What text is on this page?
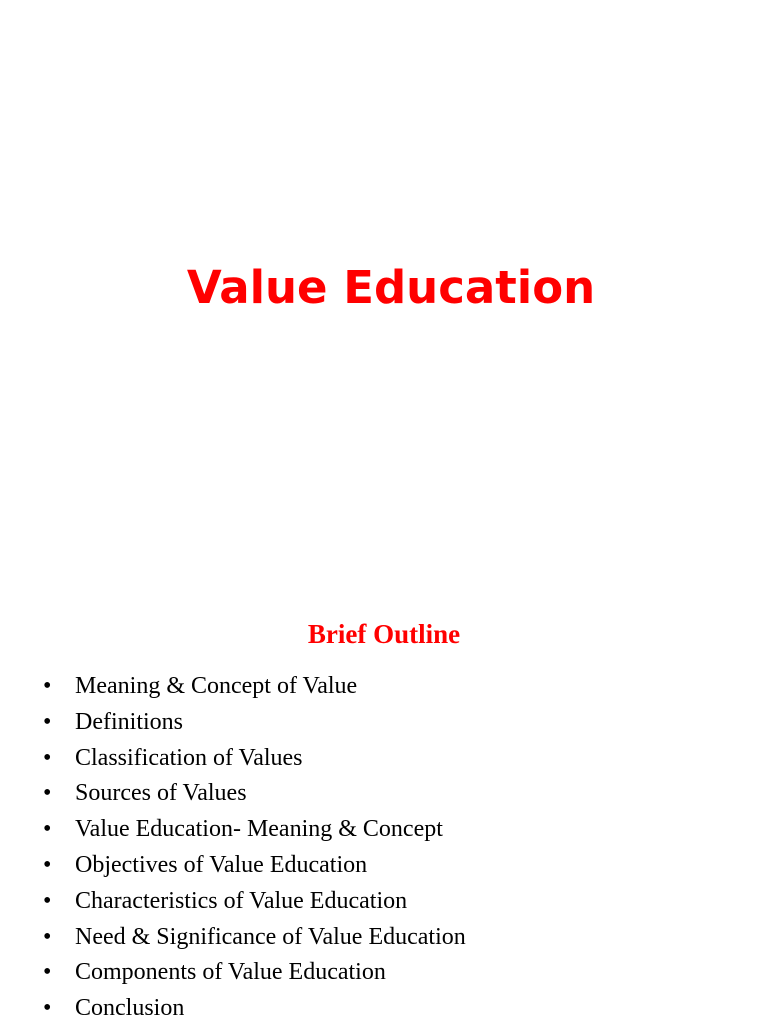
Value Education
Brief Outline
• Meaning & Concept of Value
• Definitions
• Classification of Values
• Sources of Values
• Value Education- Meaning & Concept
• Objectives of Value Education
• Characteristics of Value Education
• Need & Significance of Value Education
• Components of Value Education
• Conclusion
